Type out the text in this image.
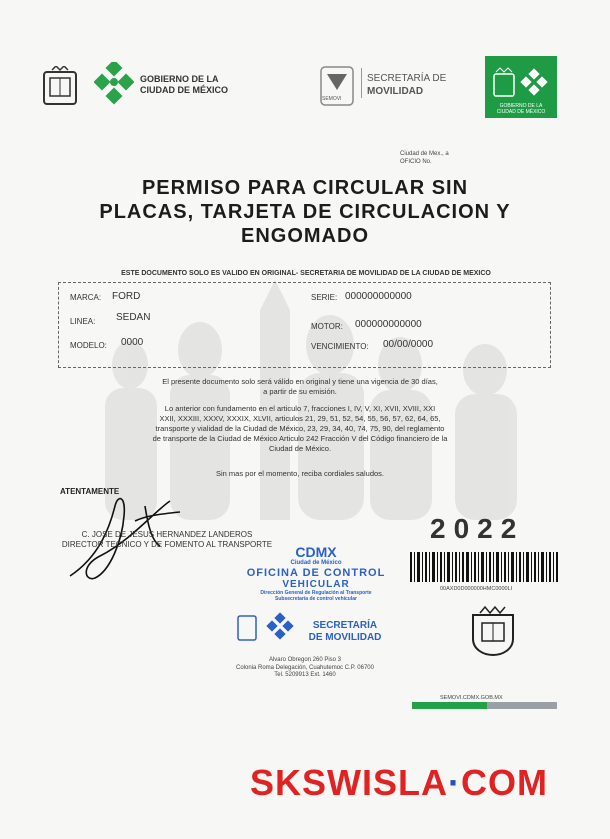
GOBIERNO DE LA
CIUDAD DE MÉXICO
SEMOVI
SECRETARÍA DE
MOVILIDAD
GOBIERNO DE LA
CIUDAD DE MÉXICO
Ciudad de Mex., a
OFICIO No.
PERMISO PARA CIRCULAR SIN
PLACAS, TARJETA DE CIRCULACION Y
ENGOMADO
ESTE DOCUMENTO SOLO ES VALIDO EN ORIGINAL- SECRETARIA DE MOVILIDAD DE LA CIUDAD DE MEXICO
MARCA: FORD
LINEA: SEDAN
MODELO: 0000
SERIE: 000000000000
MOTOR: 000000000000
VENCIMIENTO: 00/00/0000
El presente documento solo será válido en original y tiene una vigencia de 30 días,
a partir de su emisión.
Lo anterior con fundamento en el articulo 7, fracciones I, IV, V, XI, XVII, XVIII, XXI
XXII, XXXIII, XXXV, XXXIX, XLVII, articulos 21, 29, 51, 52, 54, 55, 56, 57, 62, 64, 65,
transporte y vialidad de la Ciudad de México, 23, 29, 34, 40, 74, 75, 90, del reglamento
de transporte de la Ciudad de México Articulo 242 Fracción V del Código financiero de la
Ciudad de México.
Sin mas por el momento, reciba cordiales saludos.
ATENTAMENTE
C. JOSE DE JESUS HERNANDEZ LANDEROS
DIRECTOR TECNICO Y DE FOMENTO AL TRANSPORTE
2022
00AXD0D000000HMC0000LI
CDMX
Ciudad de México
OFICINA DE CONTROL
VEHICULAR
Dirección General de Regulación al Transporte
Subsecretaría de control vehicular
SECRETARÍA
DE MOVILIDAD
Alvaro Obregon 260 Piso 3
Colonia Roma Delegación, Cuahutemoc C.P. 06700
Tel. 5209913 Ext. 1460
SEMOVI.CDMX.GOB.MX
SKSWISLA·COM
